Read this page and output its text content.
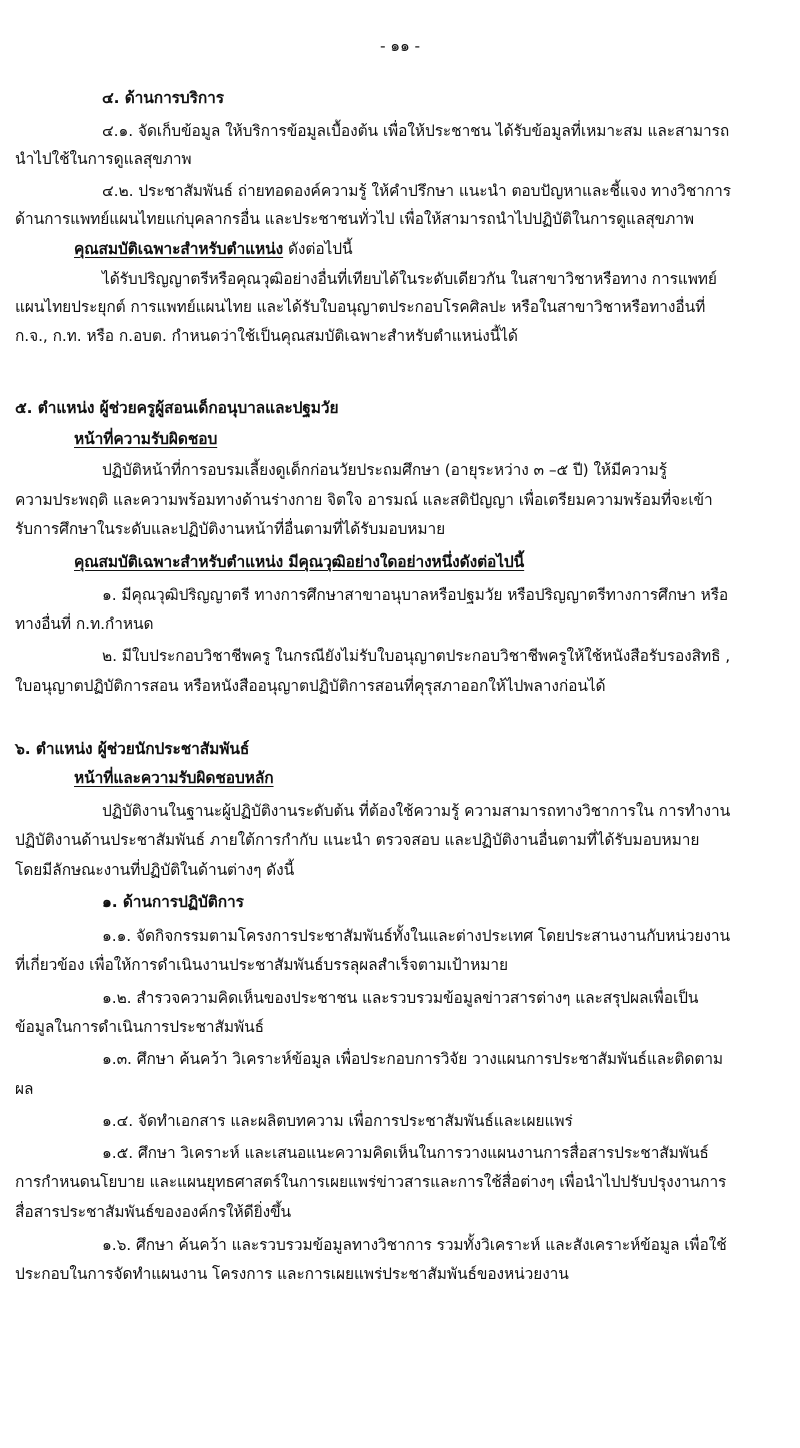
- ๑๑ -
๔. ด้านการบริการ
๔.๑. จัดเก็บข้อมูล ให้บริการข้อมูลเบื้องต้น เพื่อให้ประชาชน ได้รับข้อมูลที่เหมาะสม และสามารถ
นำไปใช้ในการดูแลสุขภาพ
๔.๒. ประชาสัมพันธ์ ถ่ายทอดองค์ความรู้ ให้คำปรึกษา แนะนำ ตอบปัญหาและชี้แจง ทางวิชาการ
ด้านการแพทย์แผนไทยแก่บุคลากรอื่น และประชาชนทั่วไป เพื่อให้สามารถนำไปปฏิบัติในการดูแลสุขภาพ
คุณสมบัติเฉพาะสำหรับตำแหน่ง ดังต่อไปนี้
ได้รับปริญญาตรีหรือคุณวุฒิอย่างอื่นที่เทียบได้ในระดับเดียวกัน ในสาขาวิชาหรือทาง การแพทย์
แผนไทยประยุกต์ การแพทย์แผนไทย และได้รับใบอนุญาตประกอบโรคศิลปะ หรือในสาขาวิชาหรือทางอื่นที่
ก.จ., ก.ท. หรือ ก.อบต. กำหนดว่าใช้เป็นคุณสมบัติเฉพาะสำหรับตำแหน่งนี้ได้
๕. ตำแหน่ง ผู้ช่วยครูผู้สอนเด็กอนุบาลและปฐมวัย
หน้าที่ความรับผิดชอบ
ปฏิบัติหน้าที่การอบรมเลี้ยงดูเด็กก่อนวัยประถมศึกษา (อายุระหว่าง ๓ –๕ ปี) ให้มีความรู้
ความประพฤติ และความพร้อมทางด้านร่างกาย จิตใจ อารมณ์ และสติปัญญา เพื่อเตรียมความพร้อมที่จะเข้า
รับการศึกษาในระดับและปฏิบัติงานหน้าที่อื่นตามที่ได้รับมอบหมาย
คุณสมบัติเฉพาะสำหรับตำแหน่ง มีคุณวุฒิอย่างใดอย่างหนึ่งดังต่อไปนี้
๑. มีคุณวุฒิปริญญาตรี ทางการศึกษาสาขาอนุบาลหรือปฐมวัย หรือปริญญาตรีทางการศึกษา หรือ
ทางอื่นที่ ก.ท.กำหนด
๒. มีใบประกอบวิชาชีพครู ในกรณียังไม่รับใบอนุญาตประกอบวิชาชีพครูให้ใช้หนังสือรับรองสิทธิ ,
ใบอนุญาตปฏิบัติการสอน หรือหนังสืออนุญาตปฏิบัติการสอนที่คุรุสภาออกให้ไปพลางก่อนได้
๖. ตำแหน่ง ผู้ช่วยนักประชาสัมพันธ์
หน้าที่และความรับผิดชอบหลัก
ปฏิบัติงานในฐานะผู้ปฏิบัติงานระดับต้น ที่ต้องใช้ความรู้ ความสามารถทางวิชาการใน การทำงาน
ปฏิบัติงานด้านประชาสัมพันธ์ ภายใต้การกำกับ แนะนำ ตรวจสอบ และปฏิบัติงานอื่นตามที่ได้รับมอบหมาย
โดยมีลักษณะงานที่ปฏิบัติในด้านต่างๆ ดังนี้
๑. ด้านการปฏิบัติการ
๑.๑. จัดกิจกรรมตามโครงการประชาสัมพันธ์ทั้งในและต่างประเทศ โดยประสานงานกับหน่วยงาน
ที่เกี่ยวข้อง เพื่อให้การดำเนินงานประชาสัมพันธ์บรรลุผลสำเร็จตามเป้าหมาย
๑.๒. สำรวจความคิดเห็นของประชาชน และรวบรวมข้อมูลข่าวสารต่างๆ และสรุปผลเพื่อเป็น
ข้อมูลในการดำเนินการประชาสัมพันธ์
๑.๓. ศึกษา ค้นคว้า วิเคราะห์ข้อมูล เพื่อประกอบการวิจัย วางแผนการประชาสัมพันธ์และติดตาม
ผล
๑.๔. จัดทำเอกสาร และผลิตบทความ เพื่อการประชาสัมพันธ์และเผยแพร่
๑.๕. ศึกษา วิเคราะห์ และเสนอแนะความคิดเห็นในการวางแผนงานการสื่อสารประชาสัมพันธ์
การกำหนดนโยบาย และแผนยุทธศาสตร์ในการเผยแพร่ข่าวสารและการใช้สื่อต่างๆ เพื่อนำไปปรับปรุงงานการ
สื่อสารประชาสัมพันธ์ขององค์กรให้ดียิ่งขึ้น
๑.๖. ศึกษา ค้นคว้า และรวบรวมข้อมูลทางวิชาการ รวมทั้งวิเคราะห์ และสังเคราะห์ข้อมูล เพื่อใช้
ประกอบในการจัดทำแผนงาน โครงการ และการเผยแพร่ประชาสัมพันธ์ของหน่วยงาน
